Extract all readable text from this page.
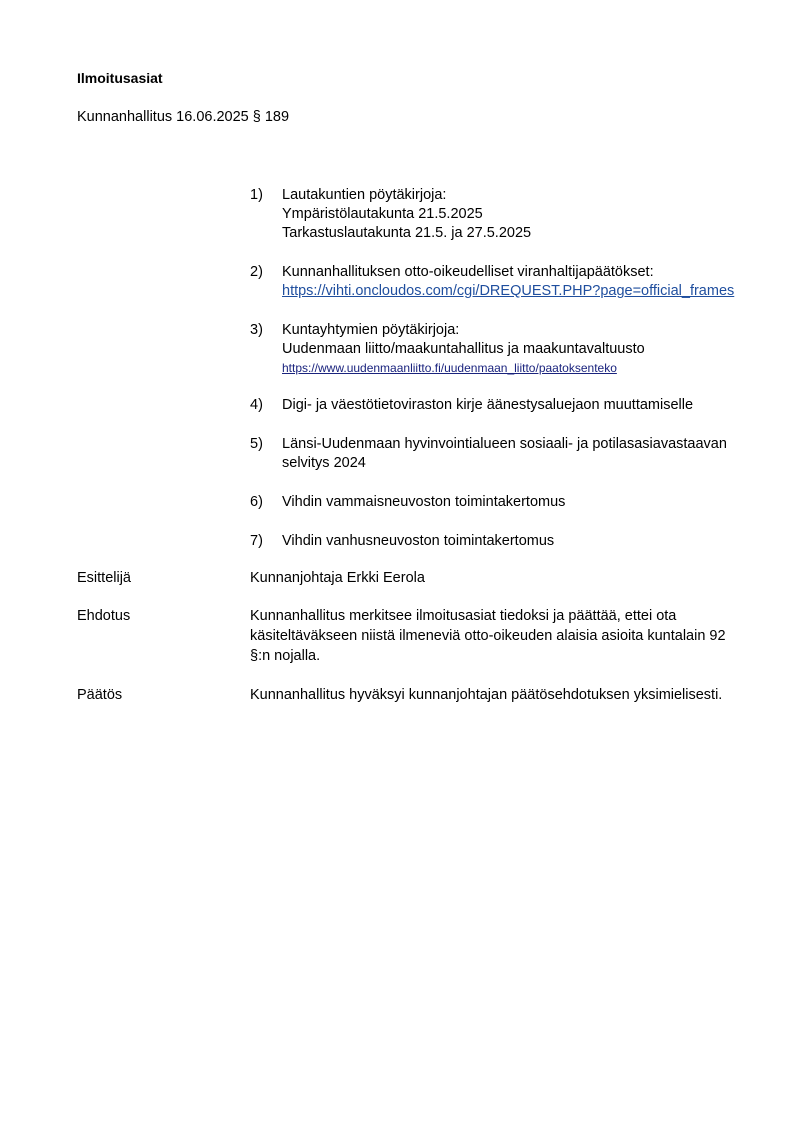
Ilmoitusasiat
Kunnanhallitus 16.06.2025 § 189
1)	Lautakuntien pöytäkirjoja:
Ympäristölautakunta 21.5.2025
Tarkastuslautakunta 21.5. ja 27.5.2025
2)	Kunnanhallituksen otto-oikeudelliset viranhaltijapäätökset:
https://vihti.oncloudos.com/cgi/DREQUEST.PHP?page=official_frames
3)	Kuntayhtymien pöytäkirjoja:
Uudenmaan liitto/maakuntahallitus ja maakuntavaltuusto
https://www.uudenmaanliitto.fi/uudenmaan_liitto/paatoksenteko
4)	Digi- ja väestötietoviraston kirje äänestysaluejaon muuttamiselle
5)	Länsi-Uudenmaan hyvinvointialueen sosiaali- ja potilasasiavastaavan
selvitys 2024
6)	Vihdin vammaisneuvoston toimintakertomus
7)	Vihdin vanhusneuvoston toimintakertomus
Esittelijä	Kunnanjohtaja Erkki Eerola
Ehdotus	Kunnanhallitus merkitsee ilmoitusasiat tiedoksi ja päättää, ettei ota
käsiteltäväkseen niistä ilmeneviä otto-oikeuden alaisia asioita kuntalain 92
§:n nojalla.
Päätös	Kunnanhallitus hyväksyi kunnanjohtajan päätösehdotuksen yksimielisesti.
